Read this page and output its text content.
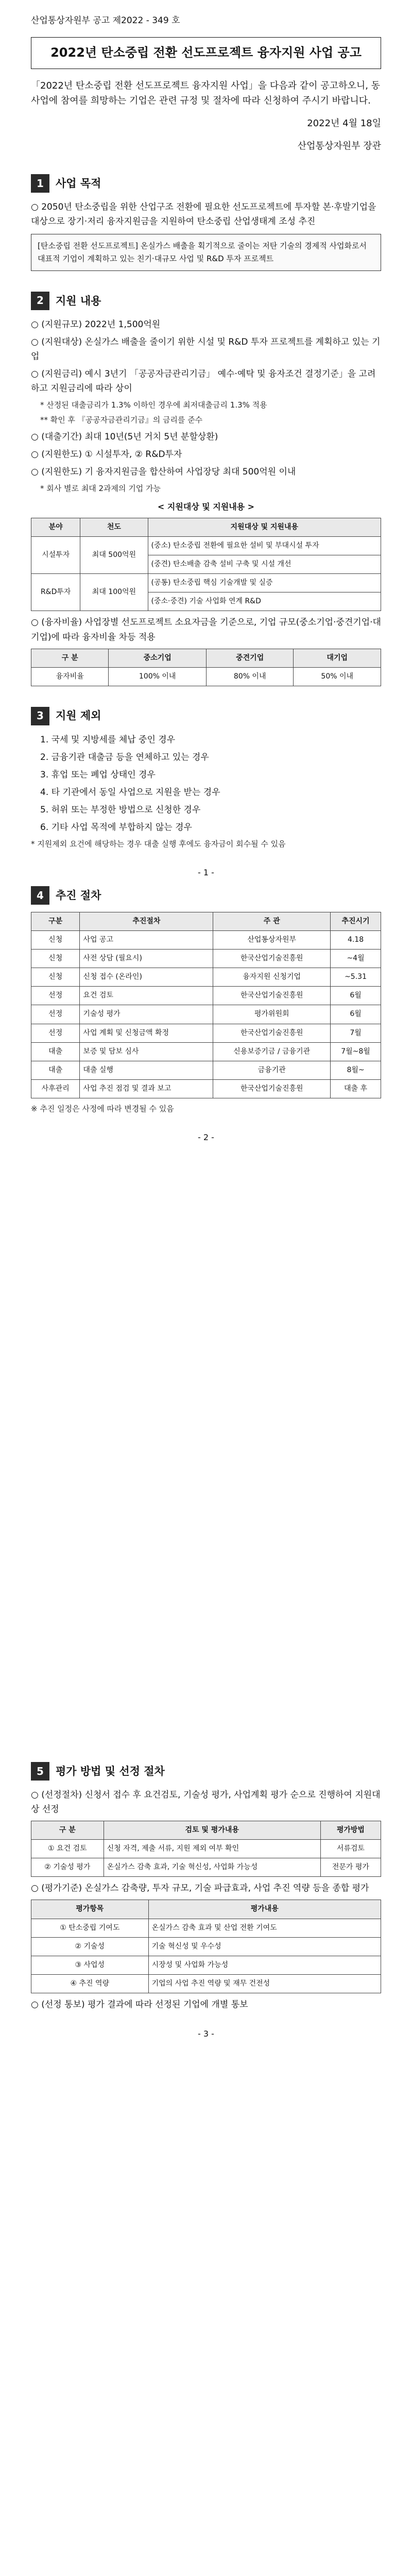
산업통상자원부 공고 제2022 - 349 호
2022년 탄소중립 전환 선도프로젝트 융자지원 사업 공고
「2022년 탄소중립 전환 선도프로젝트 융자지원 사업」을 다음과 같이 공고하오니, 동 사업에 참여를 희망하는 기업은 관련 규정 및 절차에 따라 신청하여 주시기 바랍니다.
2022년 4월 18일
산업통상자원부 장관
1	사업 목적
○ 2050년 탄소중립을 위한 산업구조 전환에 필요한 선도프로젝트에 투자할 본·후발기업을 대상으로 장기·저리 융자지원금을 지원하여 탄소중립 산업생태계 조성 추진
[탄소중립 전환 선도프로젝트] 온실가스 배출을 획기적으로 줄이는 저탄 기술의 경제적 사업화로서 대표적 기업이 계획하고 있는 친기·대규모 사업 및 R&D 투자 프로젝트
2	지원 내용
○ (지원규모) 2022년 1,500억원
○ (지원대상) 온실가스 배출을 줄이기 위한 시설 및 R&D 투자 프로젝트를 계획하고 있는 기업
○ (지원금리) 예시 3년기 「공공자금관리기금」 예수·예탁 및 융자조건 결정기준」을 고려하고 지원금리에 따라 상이
* 산정된 대출금리가 1.3% 이하인 경우에 최저대출금리 1.3% 적용
** 확인 후 『공공자금관리기금』의 금리를 준수
○ (대출기간) 최대 10년(5년 거치 5년 분할상환)
○ (지원한도) ① 시설투자, ② R&D투자
○ (지원한도) 기 융자지원금을 합산하여 사업장당 최대 500억원 이내
* 회사 별로 최대 2과제의 기업 가능
< 지원대상 및 지원내용 >
분야	천도	지원대상 및 지원내용
시설투자	최대 500억원	(중소) 탄소중립 전환에 필요한 설비 및 부대시설 투자
		(중견) 탄소배출 감축 설비 구축 및 시설 개선
R&D투자	최대 100억원	(공통) 탄소중립 핵심 기술개발 및 실증
		(중소·중견) 기술 사업화 연계 R&D
○ (융자비율) 사업장별 선도프로젝트 소요자금을 기준으로, 기업 규모(중소기업·중견기업·대기업)에 따라 융자비율 차등 적용
구 분	중소기업	중견기업	대기업
융자비율	100% 이내	80% 이내	50% 이내
3	지원 제외
1. 국세 및 지방세를 체납 중인 경우
2. 금융기관 대출금 등을 연체하고 있는 경우
3. 휴업 또는 폐업 상태인 경우
4. 타 기관에서 동일 사업으로 지원을 받는 경우
5. 허위 또는 부정한 방법으로 신청한 경우
6. 기타 사업 목적에 부합하지 않는 경우
* 지원제외 요건에 해당하는 경우 대출 실행 후에도 융자금이 회수될 수 있음
- 1 -
4	추진 절차
구분	추진절차	주 관	추진시기
신청	사업 공고	산업통상자원부	4.18
신청	사전 상담 (필요시)	한국산업기술진흥원	~4월
신청	신청 접수 (온라인)	융자지원 신청기업	~5.31
선정	요건 검토	한국산업기술진흥원	6월
선정	기술성 평가	평가위원회	6월
선정	사업 계획 및 신청금액 확정	한국산업기술진흥원	7월
대출	보증 및 담보 심사	신용보증기금 / 금융기관	7월~8월
대출	대출 실행	금융기관	8월~
사후관리	사업 추진 점검 및 결과 보고	한국산업기술진흥원	대출 후
※ 추진 일정은 사정에 따라 변경될 수 있음
- 2 -
5	평가 방법 및 선정 절차
○ (선정절차) 신청서 접수 후 요건검토, 기술성 평가, 사업계획 평가 순으로 진행하여 지원대상 선정
구 분	검토 및 평가내용	평가방법
① 요건 검토	신청 자격, 제출 서류, 지원 제외 여부 확인	서류검토
② 기술성 평가	온실가스 감축 효과, 기술 혁신성, 사업화 가능성	전문가 평가
○ (평가기준) 온실가스 감축량, 투자 규모, 기술 파급효과, 사업 추진 역량 등을 종합 평가
평가항목	평가내용
① 탄소중립 기여도	온실가스 감축 효과 및 산업 전환 기여도
② 기술성	기술 혁신성 및 우수성
③ 사업성	시장성 및 사업화 가능성
④ 추진 역량	기업의 사업 추진 역량 및 재무 건전성
○ (선정 통보) 평가 결과에 따라 선정된 기업에 개별 통보
- 3 -
